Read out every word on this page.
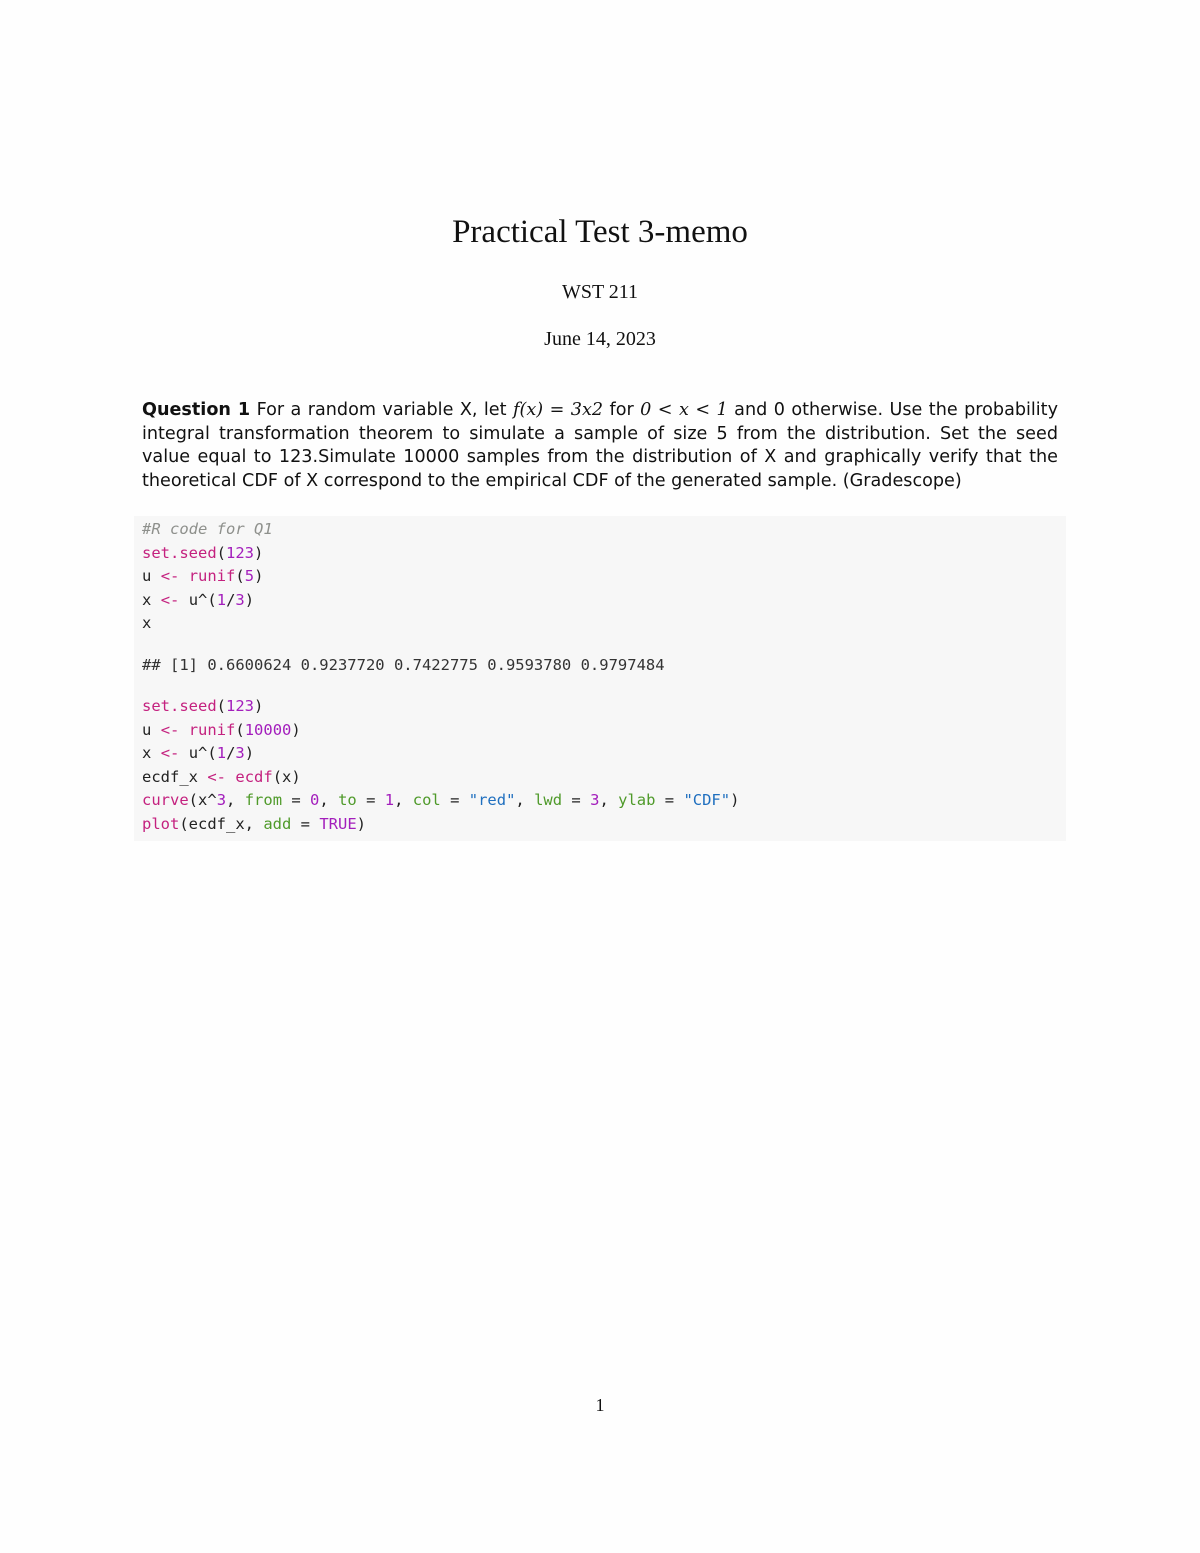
Practical Test 3-memo
WST 211
June 14, 2023
Question 1 For a random variable X, let f(x) = 3x2 for 0 < x < 1 and 0 otherwise. Use the probability integral transformation theorem to simulate a sample of size 5 from the distribution. Set the seed value equal to 123.Simulate 10000 samples from the distribution of X and graphically verify that the theoretical CDF of X correspond to the empirical CDF of the generated sample. (Gradescope)
#R code for Q1
set.seed(123)
u <- runif(5)
x <- u^(1/3)
x
## [1] 0.6600624 0.9237720 0.7422775 0.9593780 0.9797484
set.seed(123)
u <- runif(10000)
x <- u^(1/3)
ecdf_x <- ecdf(x)
curve(x^3, from = 0, to = 1, col = "red", lwd = 3, ylab = "CDF")
plot(ecdf_x, add = TRUE)
1
